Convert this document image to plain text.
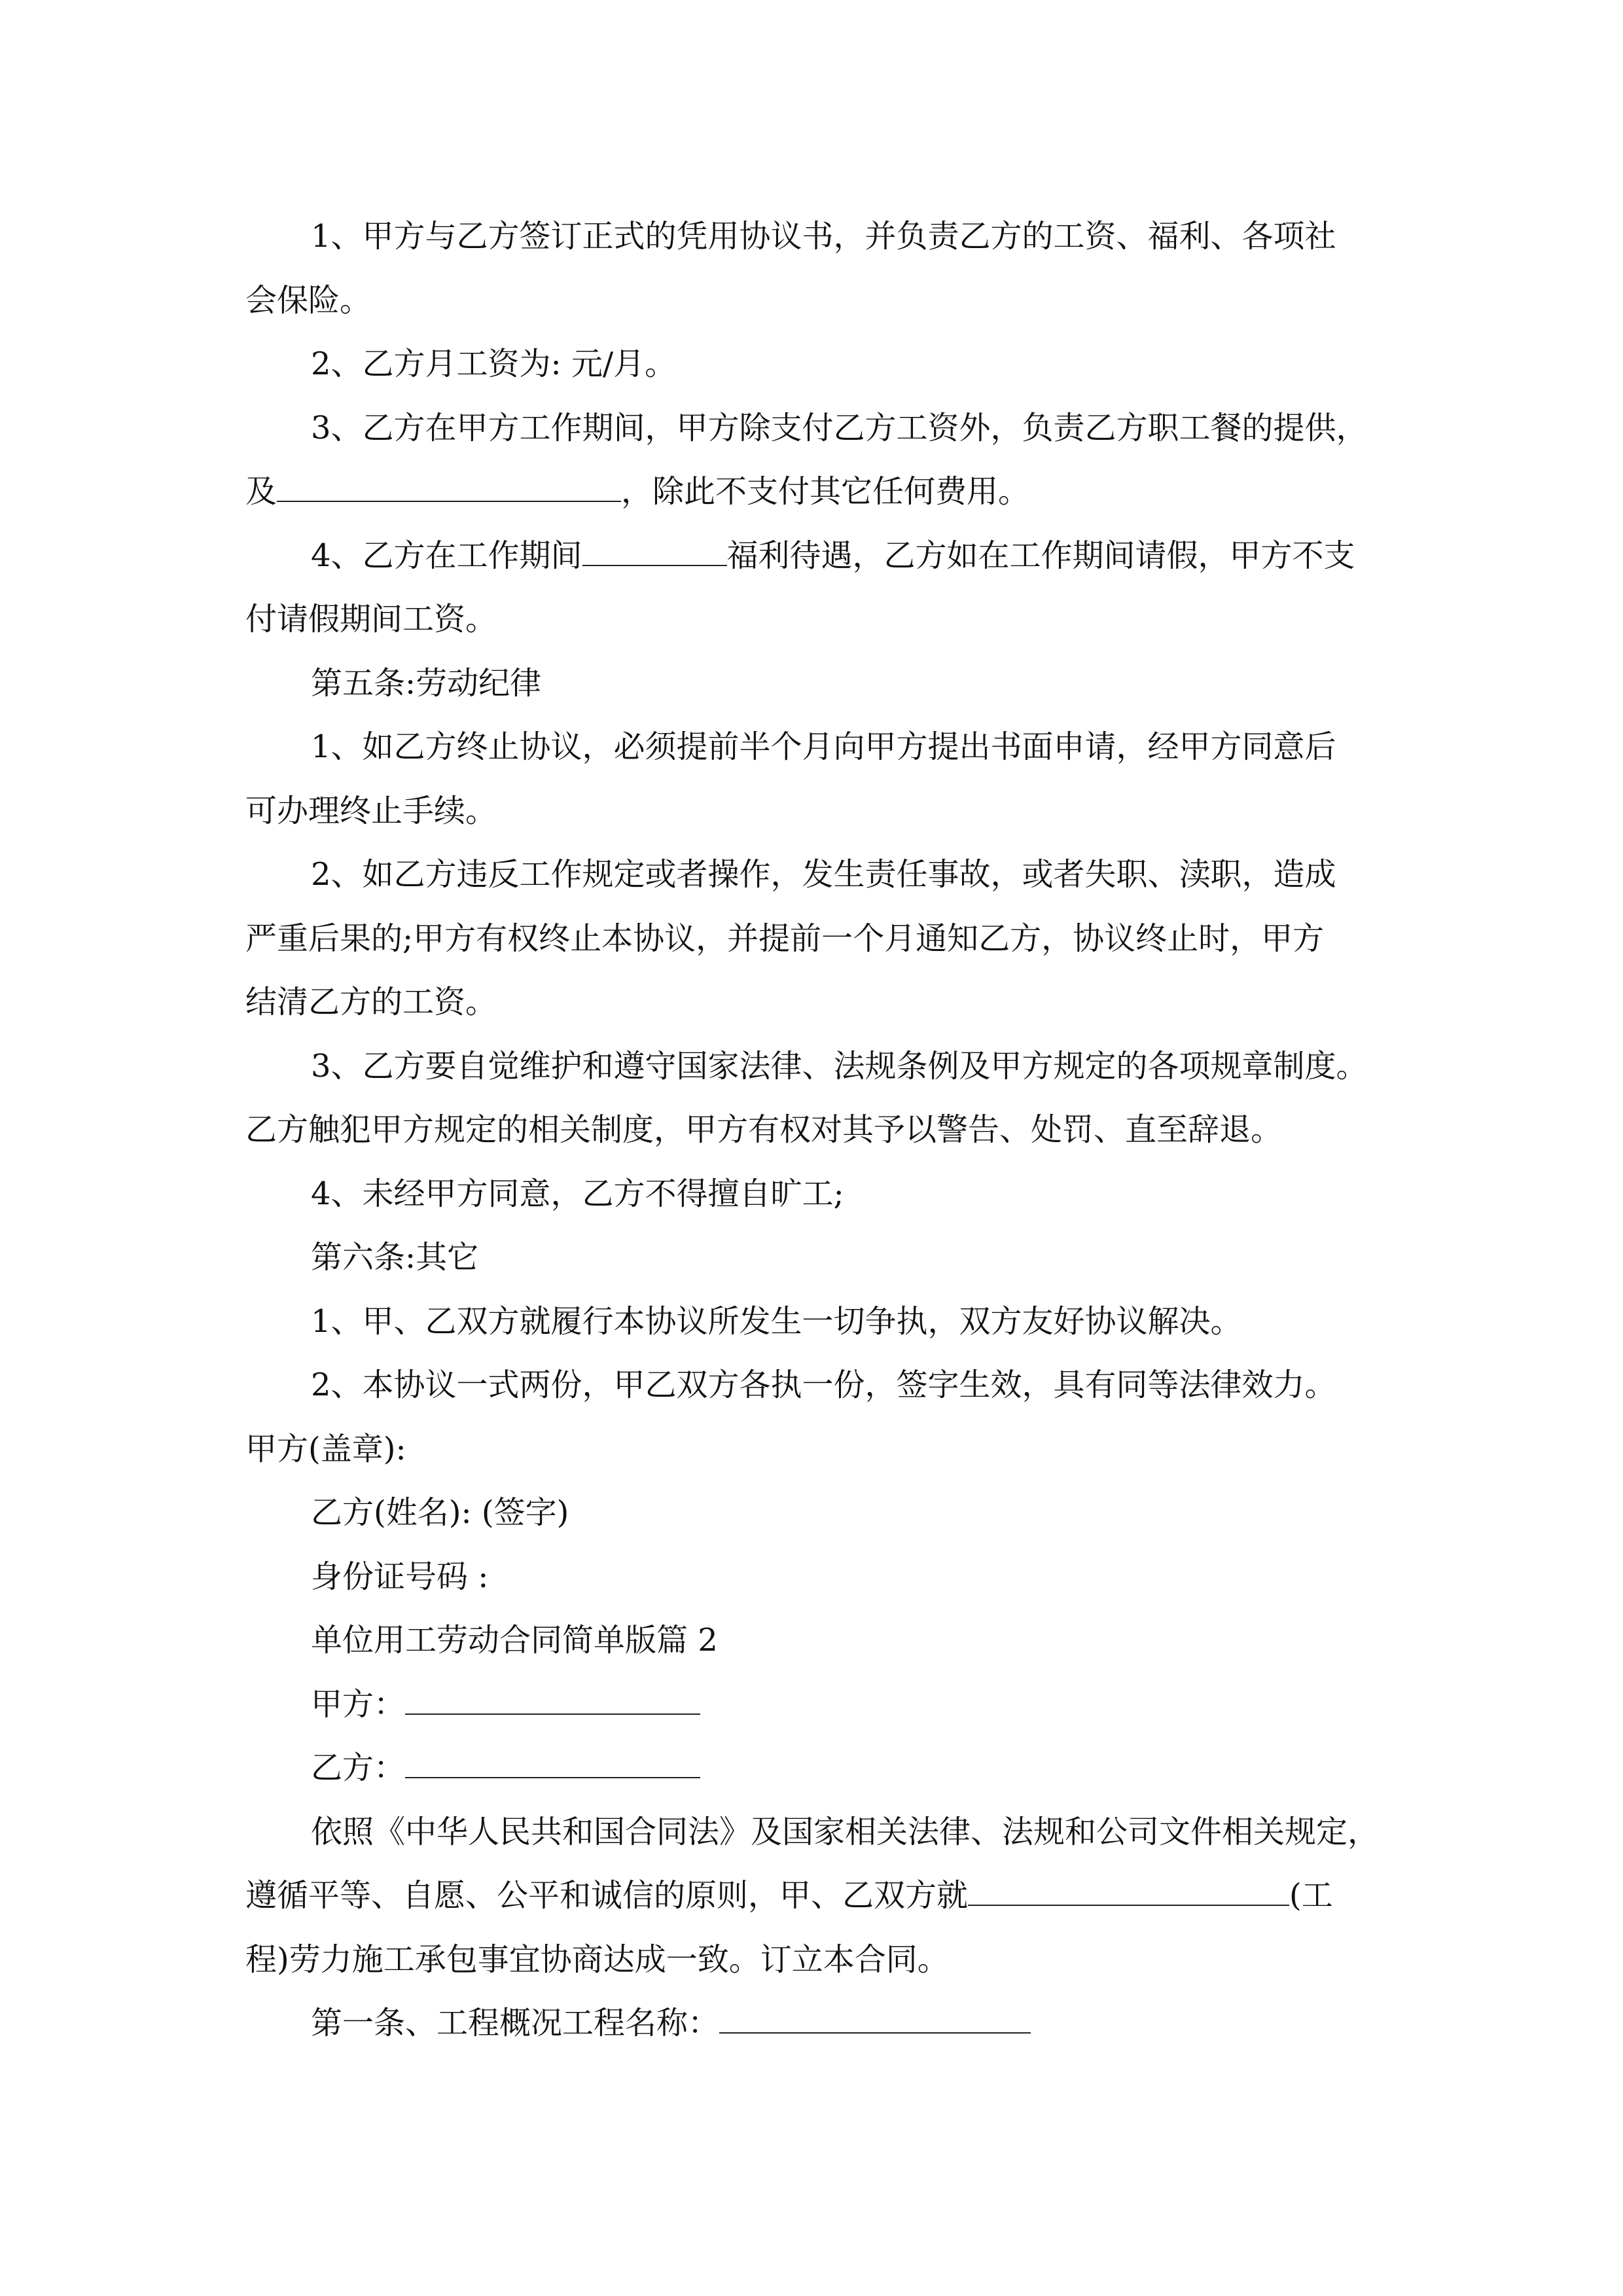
1、甲方与乙方签订正式的凭用协议书，并负责乙方的工资、福利、各项社

会保险。

2、乙方月工资为: 元/月。

3、乙方在甲方工作期间，甲方除支付乙方工资外，负责乙方职工餐的提供，

及	，除此不支付其它任何费用。

4、乙方在工作期间	福利待遇，乙方如在工作期间请假，甲方不支

付请假期间工资。

第五条:劳动纪律

1、如乙方终止协议，必须提前半个月向甲方提出书面申请，经甲方同意后

可办理终止手续。

2、如乙方违反工作规定或者操作，发生责任事故，或者失职、渎职，造成

严重后果的;甲方有权终止本协议，并提前一个月通知乙方，协议终止时，甲方

结清乙方的工资。

3、乙方要自觉维护和遵守国家法律、法规条例及甲方规定的各项规章制度。

乙方触犯甲方规定的相关制度，甲方有权对其予以警告、处罚、直至辞退。

4、未经甲方同意，乙方不得擅自旷工;

第六条:其它

1、甲、乙双方就履行本协议所发生一切争执，双方友好协议解决。

2、本协议一式两份，甲乙双方各执一份，签字生效，具有同等法律效力。

甲方(盖章):

乙方(姓名): (签字)

身份证号码 :

单位用工劳动合同简单版篇 2

甲方：

乙方：

依照《中华人民共和国合同法》及国家相关法律、法规和公司文件相关规定，

遵循平等、自愿、公平和诚信的原则，甲、乙双方就	(工

程)劳力施工承包事宜协商达成一致。订立本合同。

第一条、工程概况工程名称：
